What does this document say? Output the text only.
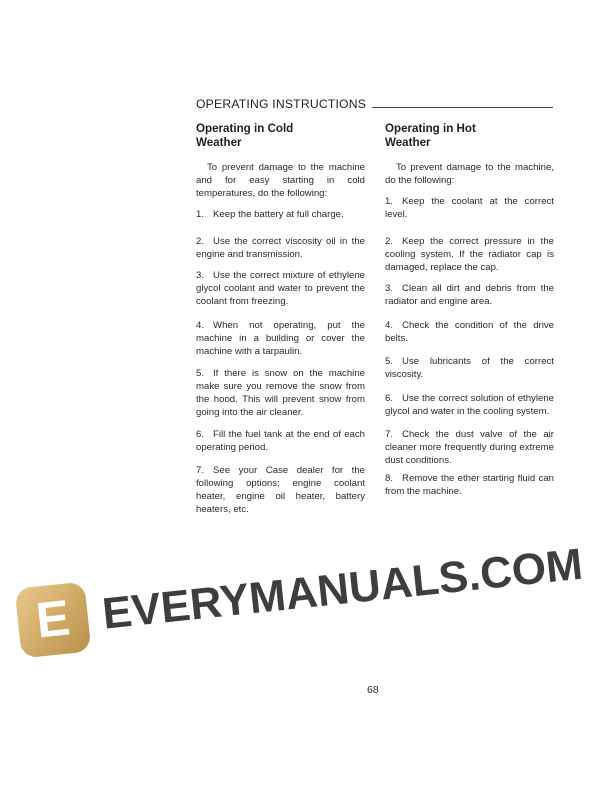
OPERATING INSTRUCTIONS
Operating in Cold
Weather

To prevent damage to the machine and for easy starting in cold temperatures, do the following:

1. Keep the battery at full charge.

2. Use the correct viscosity oil in the engine and transmission.

3. Use the correct mixture of ethylene glycol coolant and water to prevent the coolant from freezing.

4. When not operating, put the machine in a building or cover the machine with a tarpaulin.

5. If there is snow on the machine make sure you remove the snow from the hood. This will prevent snow from going into the air cleaner.

6. Fill the fuel tank at the end of each operating period.

7. See your Case dealer for the following options; engine coolant heater, engine oil heater, battery heaters, etc.

Operating in Hot
Weather

To prevent damage to the machine, do the following:

1. Keep the coolant at the correct level.

2. Keep the correct pressure in the cooling system. If the radiator cap is damaged, replace the cap.

3. Clean all dirt and debris from the radiator and engine area.

4. Check the condition of the drive belts.

5. Use lubricants of the correct viscosity.

6. Use the correct solution of ethylene glycol and water in the cooling system.

7. Check the dust valve of the air cleaner more frequently during extreme dust conditions.

8. Remove the ether starting fluid can from the machine.

68
E EVERYMANUALS.COM
